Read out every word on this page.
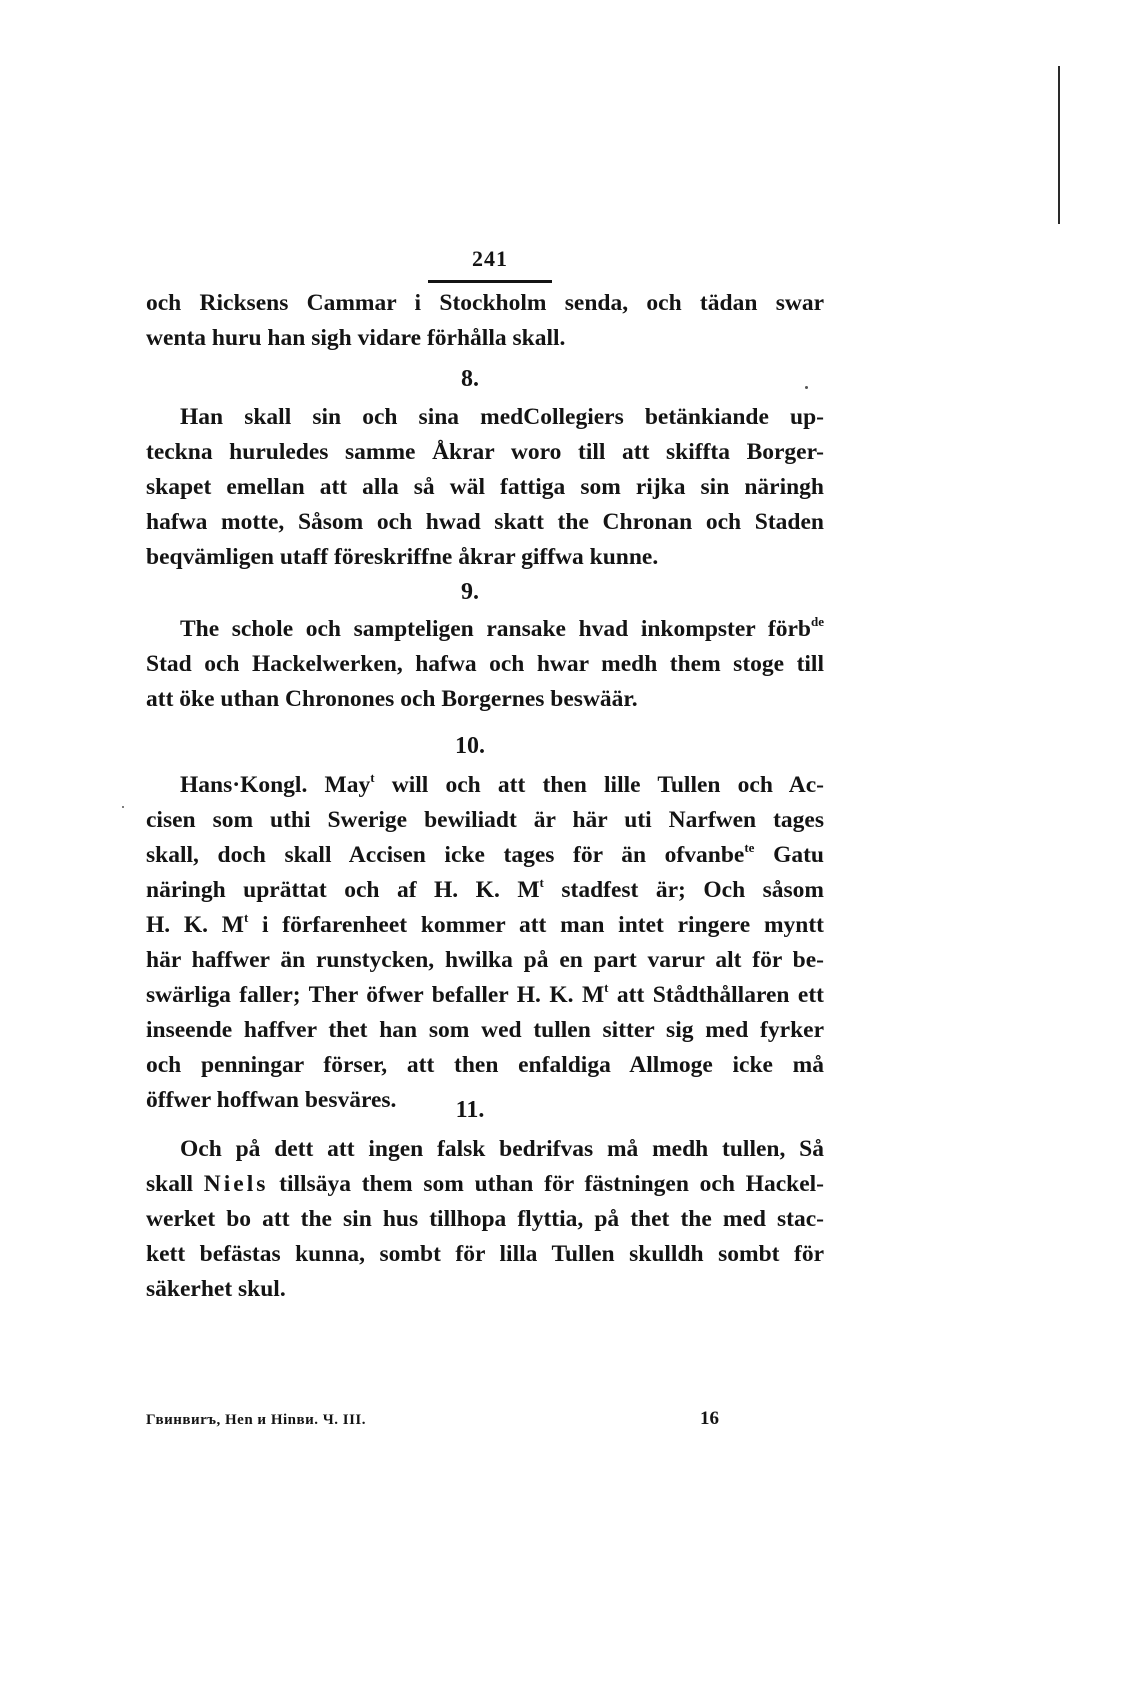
241

och Ricksens Cammar i Stockholm senda, och tädan swar
wenta huru han sigh vidare förhålla skall.

8.

Han skall sin och sina medCollegiers betänkiande up-
teckna huruledes samme Åkrar woro till att skiffta Borger-
skapet emellan att alla så wäl fattiga som rijka sin näringh
hafwa motte, Såsom och hwad skatt the Chronan och Staden
beqvämligen utaff föreskriffne åkrar giffwa kunne.

9.

The schole och sampteligen ransake hvad inkompster förb$^{de}$
Stad och Hackelwerken, hafwa och hwar medh them stoge till
att öke uthan Chronones och Borgernes beswäär.

10.

Hans·Kongl. May$^t$ will och att then lille Tullen och Ac-
cisen som uthi Swerige bewiliadt är här uti Narfwen tages
skall, doch skall Accisen icke tages för än ofvanbe$^{te}$ Gatu
näringh uprättat och af H. K. $M^t$ stadfest är; Och såsom
H. K. $M^t$ i förfarenheet kommer att man intet ringere myntt
här haffwer än runstycken, hwilka på en part varur alt för be-
swärliga faller; Ther öfwer befaller H. K. $M^t$ att Stådthållaren ett
inseende haffver thet han som wed tullen sitter sig med fyrker
och penningar förser, att then enfaldiga Allmoge icke må
öffwer hoffwan besväres.	11.

Och på dett att ingen falsk bedrifvas må medh tullen, Så
skall Niels tillsäya them som uthan för fästningen och Hackel-
werket bo att the sin hus tillhopa flyttia, på thet the med stac-
kett befästas kunna, sombt för lilla Tullen skulldh sombt för
säkerhet skul.

Гвинвиrъ, Hen и Hinви. Ч. III.	16
